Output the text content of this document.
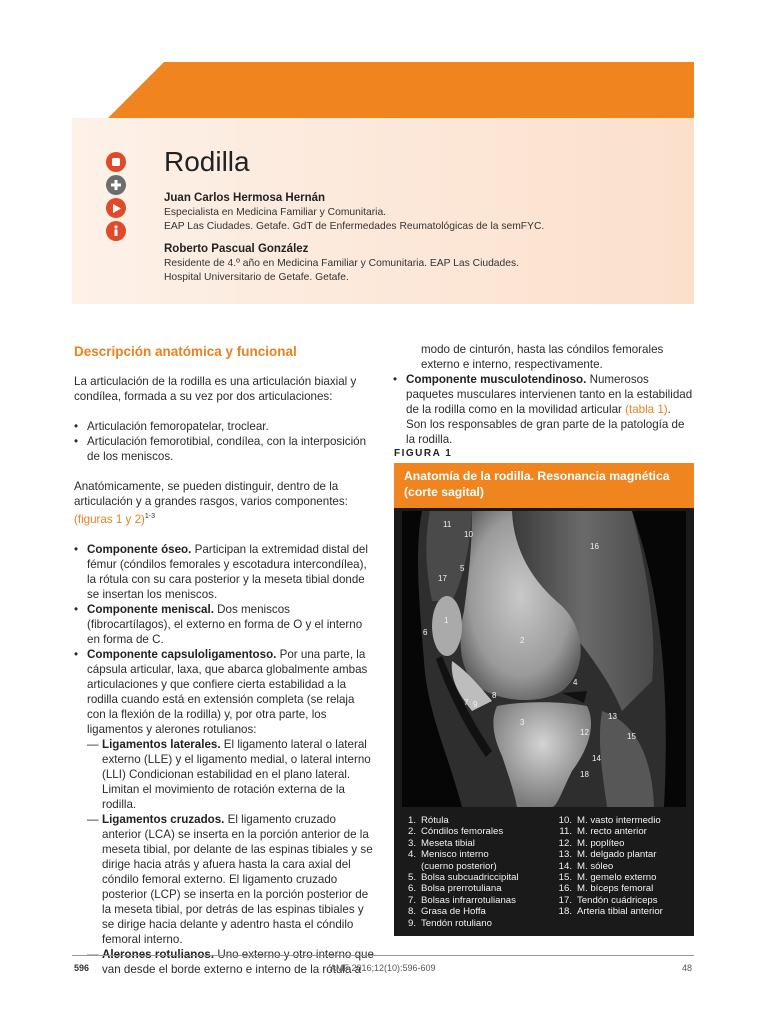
Rodilla
Juan Carlos Hermosa Hernán
Especialista en Medicina Familiar y Comunitaria.
EAP Las Ciudades. Getafe. GdT de Enfermedades Reumatológicas de la semFYC.
Roberto Pascual González
Residente de 4.º año en Medicina Familiar y Comunitaria. EAP Las Ciudades.
Hospital Universitario de Getafe. Getafe.
Descripción anatómica y funcional

La articulación de la rodilla es una articulación biaxial y condílea, formada a su vez por dos articulaciones:

• Articulación femoropatelar, troclear.
• Articulación femorotibial, condílea, con la interposición de los meniscos.

Anatómicamente, se pueden distinguir, dentro de la articulación y a grandes rasgos, varios componentes: (figuras 1 y 2)$^{1-3}$

• Componente óseo. Participan la extremidad distal del fémur (cóndilos femorales y escotadura intercondílea), la rótula con su cara posterior y la meseta tibial donde se insertan los meniscos.
• Componente meniscal. Dos meniscos (fibrocartílagos), el externo en forma de O y el interno en forma de C.
• Componente capsuloligamentoso. Por una parte, la cápsula articular, laxa, que abarca globalmente ambas articulaciones y que confiere cierta estabilidad a la rodilla cuando está en extensión completa (se relaja con la flexión de la rodilla) y, por otra parte, los ligamentos y alerones rotulianos:
— Ligamentos laterales. El ligamento lateral o lateral externo (LLE) y el ligamento medial, o lateral interno (LLI) Condicionan estabilidad en el plano lateral. Limitan el movimiento de rotación externa de la rodilla.
— Ligamentos cruzados. El ligamento cruzado anterior (LCA) se inserta en la porción anterior de la meseta tibial, por delante de las espinas tibiales y se dirige hacia atrás y afuera hasta la cara axial del cóndilo femoral externo. El ligamento cruzado posterior (LCP) se inserta en la porción posterior de la meseta tibial, por detrás de las espinas tibiales y se dirige hacia delante y adentro hasta el cóndilo femoral interno.
— van desde el borde externo e interno de la rótula a

modo de cinturón, hasta las cóndilos femorales externo e interno, respectivamente.

• Componente musculotendinoso. Numerosos paquetes musculares intervienen tanto en la estabilidad de la rodilla como en la movilidad articular (tabla 1). Son los responsables de gran parte de la patología de la rodilla.
FIGURA 1
Anatomía de la rodilla. Resonancia magnética (corte sagital)
11
10
16
17
5
1
6
2
8
7 9
4
3
13
12	15
14
18
1. Rótula
2. Cóndilos femorales
3. Meseta tibial
4. Menisco interno
(cuerno posterior)
5. Bolsa subcuadriccipital
6. Bolsa prerrotuliana
7. Bolsas infrarrotulianas
8. Grasa de Hoffa
9. Tendón rotuliano
10. M. vasto intermedio
11. M. recto anterior
12. M. poplíteo
13. M. delgado plantar
14. M. sóleo
15. M. gemelo externo
16. M. bíceps femoral
17. Tendón cuádriceps
18. Arteria tibial anterior
596	AMF 2016;12(10):596-609	48
